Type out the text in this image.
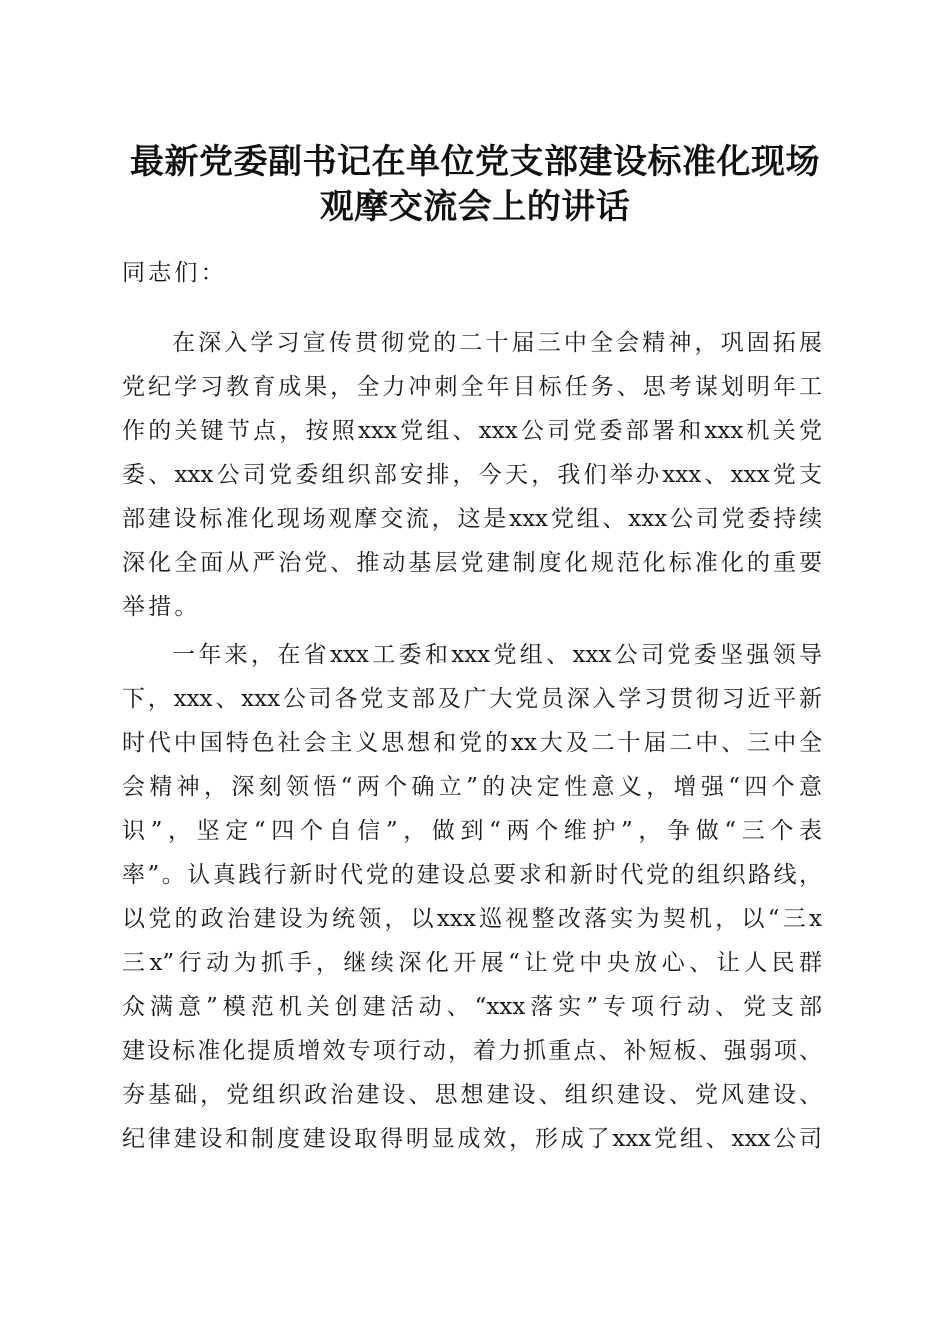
最新党委副书记在单位党支部建设标准化现场
观摩交流会上的讲话
同志们：
在深入学习宣传贯彻党的二十届三中全会精神，巩固拓展
党纪学习教育成果，全力冲刺全年目标任务、思考谋划明年工
作的关键节点，按照xxx党组、xxx公司党委部署和xxx机关党
委、xxx公司党委组织部安排，今天，我们举办xxx、xxx党支
部建设标准化现场观摩交流，这是xxx党组、xxx公司党委持续
深化全面从严治党、推动基层党建制度化规范化标准化的重要
举措。
一年来，在省xxx工委和xxx党组、xxx公司党委坚强领导
下，xxx、xxx公司各党支部及广大党员深入学习贯彻习近平新
时代中国特色社会主义思想和党的xx大及二十届二中、三中全
会精神，深刻领悟“两个确立”的决定性意义，增强“四个意
识”，坚定“四个自信”，做到“两个维护”，争做“三个表
率”。认真践行新时代党的建设总要求和新时代党的组织路线，
以党的政治建设为统领，以xxx巡视整改落实为契机，以“三x
三x”行动为抓手，继续深化开展“让党中央放心、让人民群
众满意”模范机关创建活动、“xxx落实”专项行动、党支部
建设标准化提质增效专项行动，着力抓重点、补短板、强弱项、
夯基础，党组织政治建设、思想建设、组织建设、党风建设、
纪律建设和制度建设取得明显成效，形成了xxx党组、xxx公司
